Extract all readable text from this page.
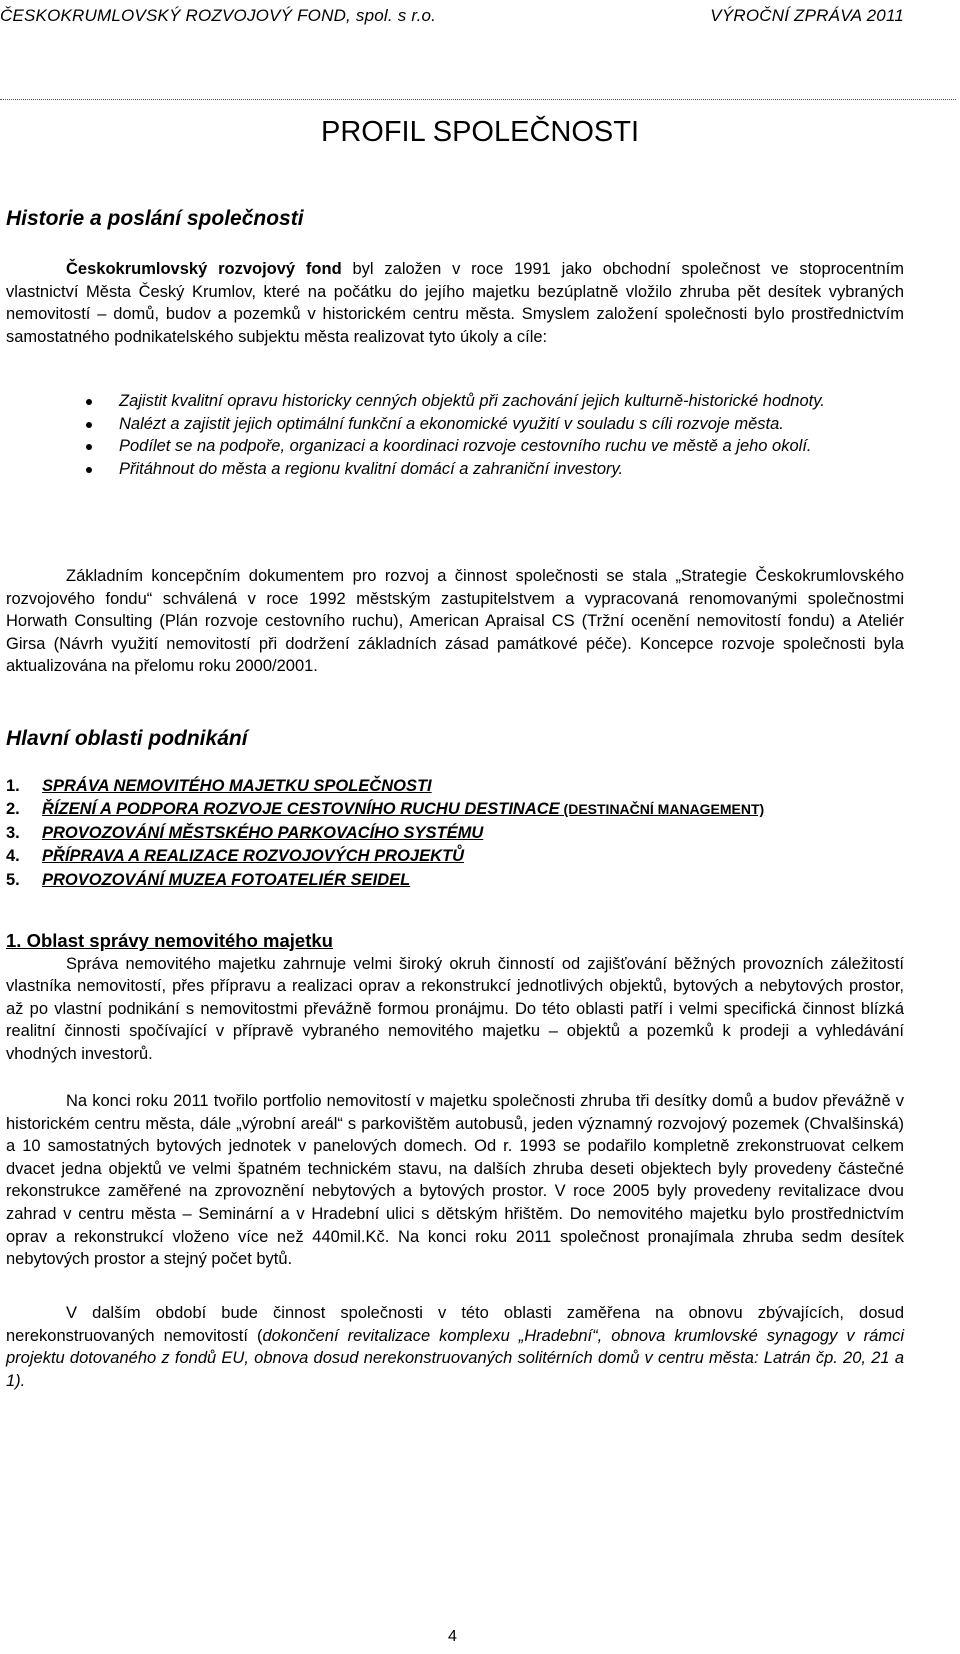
ČESKOKRUMLOVSKÝ ROZVOJOVÝ FOND, spol. s r.o.	VÝROČNÍ ZPRÁVA 2011
PROFIL SPOLEČNOSTI
Historie a poslání společnosti
Českokrumlovský rozvojový fond byl založen v roce 1991 jako obchodní společnost ve stoprocentním vlastnictví Města Český Krumlov, které na počátku do jejího majetku bezúplatně vložilo zhruba pět desítek vybraných nemovitostí – domů, budov a pozemků v historickém centru města. Smyslem založení společnosti bylo prostřednictvím samostatného podnikatelského subjektu města realizovat tyto úkoly a cíle:
Zajistit kvalitní opravu historicky cenných objektů při zachování jejich kulturně-historické hodnoty.
Nalézt a zajistit jejich optimální funkční a ekonomické využití v souladu s cíli rozvoje města.
Podílet se na podpoře, organizaci a koordinaci rozvoje cestovního ruchu ve městě a jeho okolí.
Přitáhnout do města a regionu kvalitní domácí a zahraniční investory.
Základním koncepčním dokumentem pro rozvoj a činnost společnosti se stala „Strategie Českokrumlovského rozvojového fondu“ schválená v roce 1992 městským zastupitelstvem a vypracovaná renomovanými společnostmi Horwath Consulting (Plán rozvoje cestovního ruchu), American Apraisal CS (Tržní ocenění nemovitostí fondu) a Ateliér Girsa (Návrh využití nemovitostí při dodržení základních zásad památkové péče). Koncepce rozvoje společnosti byla aktualizována na přelomu roku 2000/2001.
Hlavní oblasti podnikání
1. SPRÁVA NEMOVITÉHO MAJETKU SPOLEČNOSTI
2. ŘÍZENÍ A PODPORA ROZVOJE CESTOVNÍHO RUCHU DESTINACE (DESTINAČNÍ MANAGEMENT)
3. PROVOZOVÁNÍ MĚSTSKÉHO PARKOVACÍHO SYSTÉMU
4. PŘÍPRAVA A REALIZACE ROZVOJOVÝCH PROJEKTŮ
5. PROVOZOVÁNÍ MUZEA FOTOATELIÉR SEIDEL
1. Oblast správy nemovitého majetku
Správa nemovitého majetku zahrnuje velmi široký okruh činností od zajišťování běžných provozních záležitostí vlastníka nemovitostí, přes přípravu a realizaci oprav a rekonstrukcí jednotlivých objektů, bytových a nebytových prostor, až po vlastní podnikání s nemovitostmi převážně formou pronájmu. Do této oblasti patří i velmi specifická činnost blízká realitní činnosti spočívající v přípravě vybraného nemovitého majetku – objektů a pozemků k prodeji a vyhledávání vhodných investorů.
Na konci roku 2011 tvořilo portfolio nemovitostí v majetku společnosti zhruba tři desítky domů a budov převážně v historickém centru města, dále „výrobní areál“ s parkovištěm autobusů, jeden významný rozvojový pozemek (Chvalšinská) a 10 samostatných bytových jednotek v panelových domech. Od r. 1993 se podařilo kompletně zrekonstruovat celkem dvacet jedna objektů ve velmi špatném technickém stavu, na dalších zhruba deseti objektech byly provedeny částečné rekonstrukce zaměřené na zprovoznění nebytových a bytových prostor. V roce 2005 byly provedeny revitalizace dvou zahrad v centru města – Seminární a v Hradební ulici s dětským hřištěm. Do nemovitého majetku bylo prostřednictvím oprav a rekonstrukcí vloženo více než 440mil.Kč. Na konci roku 2011 společnost pronajímala zhruba sedm desítek nebytových prostor a stejný počet bytů.
V dalším období bude činnost společnosti v této oblasti zaměřena na obnovu zbývajících, dosud nerekonstruovaných nemovitostí (dokončení revitalizace komplexu „Hradební“, obnova krumlovské synagogy v rámci projektu dotovaného z fondů EU, obnova dosud nerekonstruovaných solitérních domů v centru města: Latrán čp. 20, 21 a 1).
4
